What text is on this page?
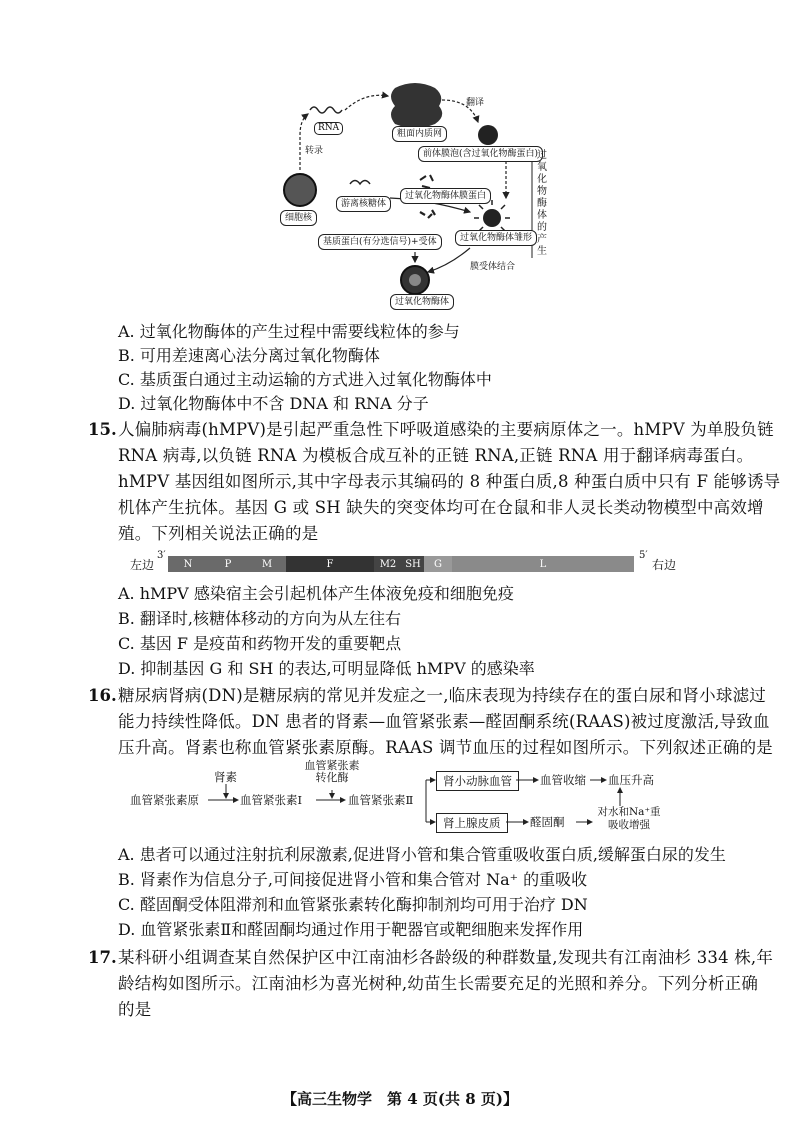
RNA
转录
细胞核
粗面内质网
翻译
前体膜泡(含过氧化物酶蛋白)
游离核糖体
过氧化物酶体膜蛋白
基质蛋白(有分选信号)+受体	过氧化物酶体雏形
膜受体结合
过氧化物酶体
过氧化物酶体的产生
A. 过氧化物酶体的产生过程中需要线粒体的参与
B. 可用差速离心法分离过氧化物酶体
C. 基质蛋白通过主动运输的方式进入过氧化物酶体中
D. 过氧化物酶体中不含 DNA 和 RNA 分子
15. 人偏肺病毒(hMPV)是引起严重急性下呼吸道感染的主要病原体之一。hMPV 为单股负链
RNA 病毒,以负链 RNA 为模板合成互补的正链 RNA,正链 RNA 用于翻译病毒蛋白。
hMPV 基因组如图所示,其中字母表示其编码的 8 种蛋白质,8 种蛋白质中只有 F 能够诱导
机体产生抗体。基因 G 或 SH 缺失的突变体均可在仓鼠和非人灵长类动物模型中高效增
殖。下列相关说法正确的是
左边
3′
N	P	M	F	M2 SH	G	L
5′
右边
A. hMPV 感染宿主会引起机体产生体液免疫和细胞免疫
B. 翻译时,核糖体移动的方向为从左往右
C. 基因 F 是疫苗和药物开发的重要靶点
D. 抑制基因 G 和 SH 的表达,可明显降低 hMPV 的感染率
16. 糖尿病肾病(DN)是糖尿病的常见并发症之一,临床表现为持续存在的蛋白尿和肾小球滤过
能力持续性降低。DN 患者的肾素—血管紧张素—醛固酮系统(RAAS)被过度激活,导致血
压升高。肾素也称血管紧张素原酶。RAAS 调节血压的过程如图所示。下列叙述正确的是
血管紧张素原
肾素
血管紧张素Ⅰ
血管紧张素转化酶
血管紧张素Ⅱ
肾小动脉血管	血管收缩 血压升高
肾上腺皮质	醛固酮
对水和Na⁺重吸收增强
A. 患者可以通过注射抗利尿激素,促进肾小管和集合管重吸收蛋白质,缓解蛋白尿的发生
B. 肾素作为信息分子,可间接促进肾小管和集合管对 Na⁺ 的重吸收
C. 醛固酮受体阻滞剂和血管紧张素转化酶抑制剂均可用于治疗 DN
D. 血管紧张素Ⅱ和醛固酮均通过作用于靶器官或靶细胞来发挥作用
17. 某科研小组调查某自然保护区中江南油杉各龄级的种群数量,发现共有江南油杉 334 株,年
龄结构如图所示。江南油杉为喜光树种,幼苗生长需要充足的光照和养分。下列分析正确
的是
【高三生物学　第 4 页(共 8 页)】
